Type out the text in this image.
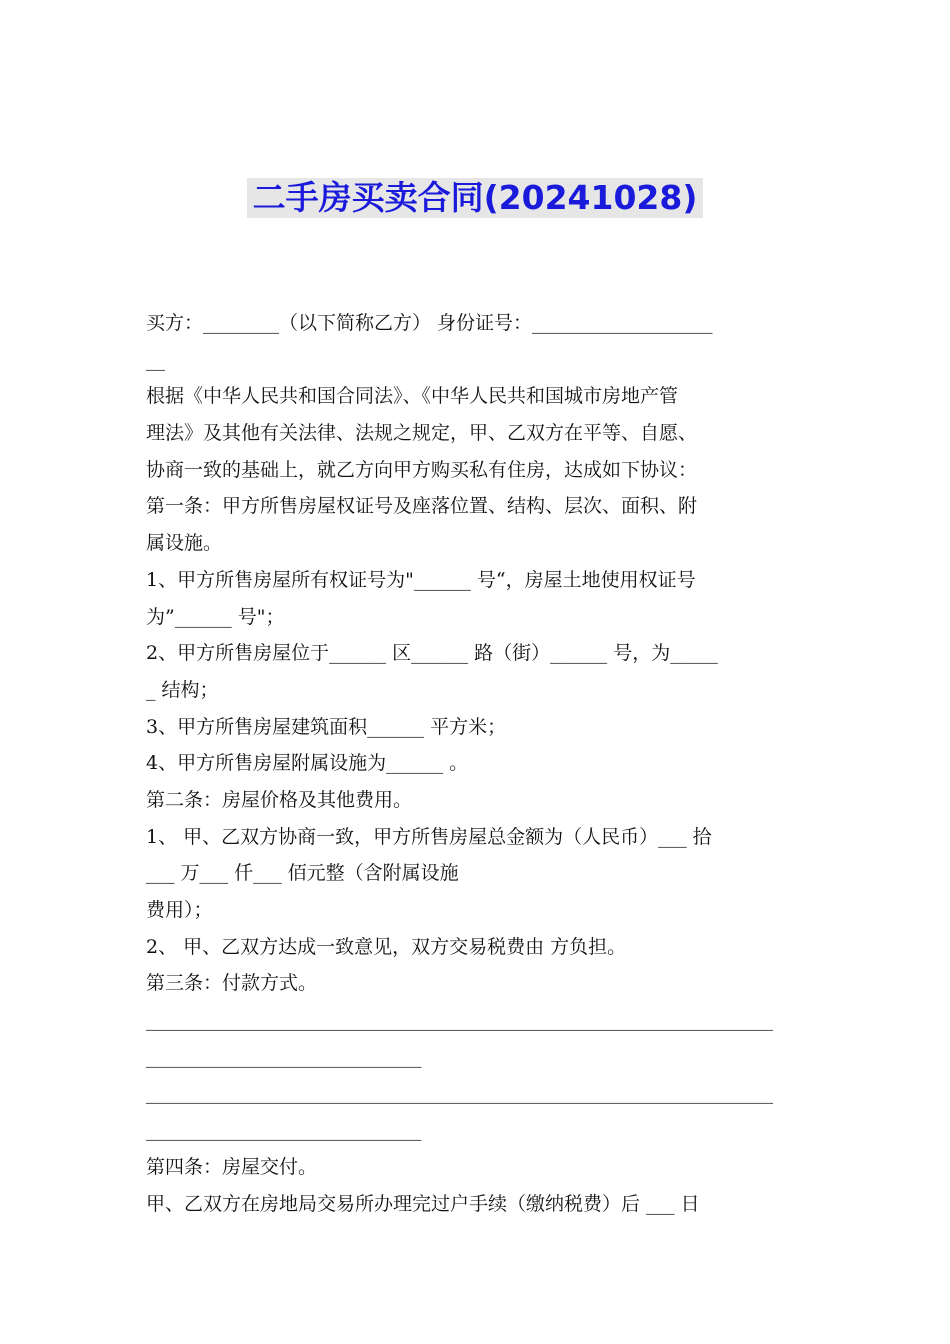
二手房买卖合同(20241028)
买方：________（以下简称乙方） 身份证号：___________________
__
根据《中华人民共和国合同法》、《中华人民共和国城市房地产管
理法》及其他有关法律、法规之规定，甲、乙双方在平等、自愿、
协商一致的基础上，就乙方向甲方购买私有住房，达成如下协议：
第一条：甲方所售房屋权证号及座落位置、结构、层次、面积、附
属设施。
1、甲方所售房屋所有权证号为"______ 号“，房屋土地使用权证号
为”______ 号"；
2、甲方所售房屋位于______ 区______ 路（街）______ 号，为_____
_ 结构；
3、甲方所售房屋建筑面积______ 平方米；
4、甲方所售房屋附属设施为______ 。
第二条：房屋价格及其他费用。
1、 甲、乙双方协商一致，甲方所售房屋总金额为（人民币）___ 拾
___ 万___ 仟___ 佰元整（含附属设施
费用）；
2、 甲、乙双方达成一致意见，双方交易税费由 方负担。
第三条：付款方式。
__________________________________________________________________
_____________________________
__________________________________________________________________
_____________________________
第四条：房屋交付。
甲、乙双方在房地局交易所办理完过户手续（缴纳税费）后 ___ 日
